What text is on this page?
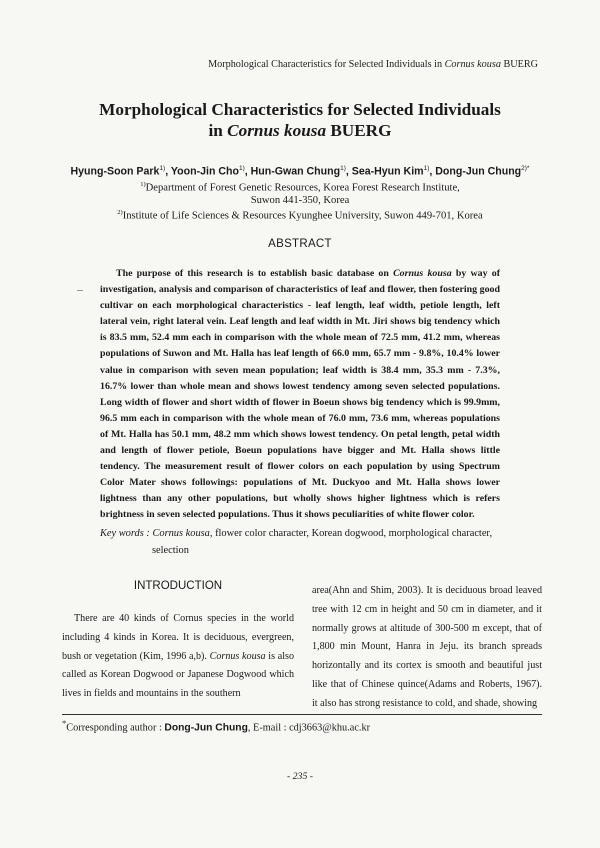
Morphological Characteristics for Selected Individuals in Cornus kousa BUERG
Morphological Characteristics for Selected Individuals
in Cornus kousa BUERG
Hyung-Soon Park$^{1)}$, Yoon-Jin Cho$^{1)}$, Hun-Gwan Chung$^{1)}$, Sea-Hyun Kim$^{1)}$, Dong-Jun Chung$^{2)*}$
$^{1)}$Department of Forest Genetic Resources, Korea Forest Research Institute,
Suwon 441-350, Korea
$^{2)}$Institute of Life Sciences & Resources Kyunghee University, Suwon 449-701, Korea
ABSTRACT
The purpose of this research is to establish basic database on Cornus kousa by way of investigation, analysis and comparison of characteristics of leaf and flower, then fostering good cultivar on each morphological characteristics - leaf length, leaf width, petiole length, left lateral vein, right lateral vein. Leaf length and leaf width in Mt. Jiri shows big tendency which is 83.5 mm, 52.4 mm each in comparison with the whole mean of 72.5 mm, 41.2 mm, whereas populations of Suwon and Mt. Halla has leaf length of 66.0 mm, 65.7 mm - 9.8%, 10.4% lower value in comparison with seven mean population; leaf width is 38.4 mm, 35.3 mm - 7.3%, 16.7% lower than whole mean and shows lowest tendency among seven selected populations. Long width of flower and short width of flower in Boeun shows big tendency which is 99.9mm, 96.5 mm each in comparison with the whole mean of 76.0 mm, 73.6 mm, whereas populations of Mt. Halla has 50.1 mm, 48.2 mm which shows lowest tendency. On petal length, petal width and length of flower petiole, Boeun populations have bigger and Mt. Halla shows little tendency. The measurement result of flower colors on each population by using Spectrum Color Mater shows followings: populations of Mt. Duckyoo and Mt. Halla shows lower lightness than any other populations, but wholly shows higher lightness which is refers brightness in seven selected populations. Thus it shows peculiarities of white flower color.
Key words : Cornus kousa, flower color character, Korean dogwood, morphological character,
selection
INTRODUCTION
There are 40 kinds of Cornus species in the world including 4 kinds in Korea. It is deciduous, evergreen, bush or vegetation (Kim, 1996 a,b). Cornus kousa is also called as Korean Dogwood or Japanese Dogwood which lives in fields and mountains in the southern
area(Ahn and Shim, 2003). It is deciduous broad leaved tree with 12 cm in height and 50 cm in diameter, and it normally grows at altitude of 300-500 m except, that of 1,800 min Mount, Hanra in Jeju. its branch spreads horizontally and its cortex is smooth and beautiful just like that of Chinese quince(Adams and Roberts, 1967). it also has strong resistance to cold, and shade, showing
*Corresponding author : Dong-Jun Chung, E-mail : cdj3663@khu.ac.kr
- 235 -
